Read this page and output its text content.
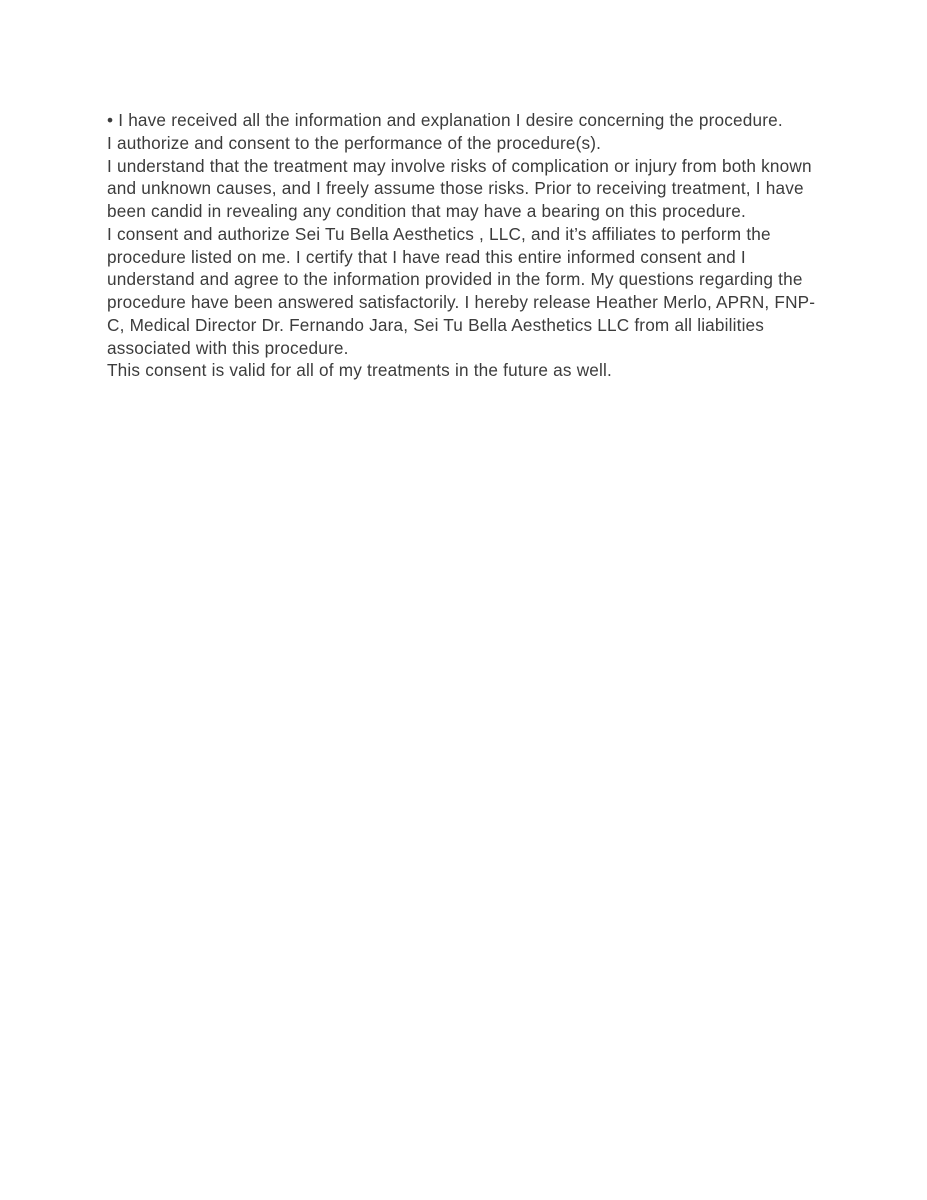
• I have received all the information and explanation I desire concerning the procedure.

I authorize and consent to the performance of the procedure(s).

I understand that the treatment may involve risks of complication or injury from both known and unknown causes, and I freely assume those risks. Prior to receiving treatment, I have been candid in revealing any condition that may have a bearing on this procedure.

I consent and authorize Sei Tu Bella Aesthetics , LLC, and it’s affiliates to perform the procedure listed on me. I certify that I have read this entire informed consent and I understand and agree to the information provided in the form. My questions regarding the procedure have been answered satisfactorily. I hereby release Heather Merlo, APRN, FNP-C, Medical Director Dr. Fernando Jara, Sei Tu Bella Aesthetics LLC from all liabilities associated with this procedure.

This consent is valid for all of my treatments in the future as well.
